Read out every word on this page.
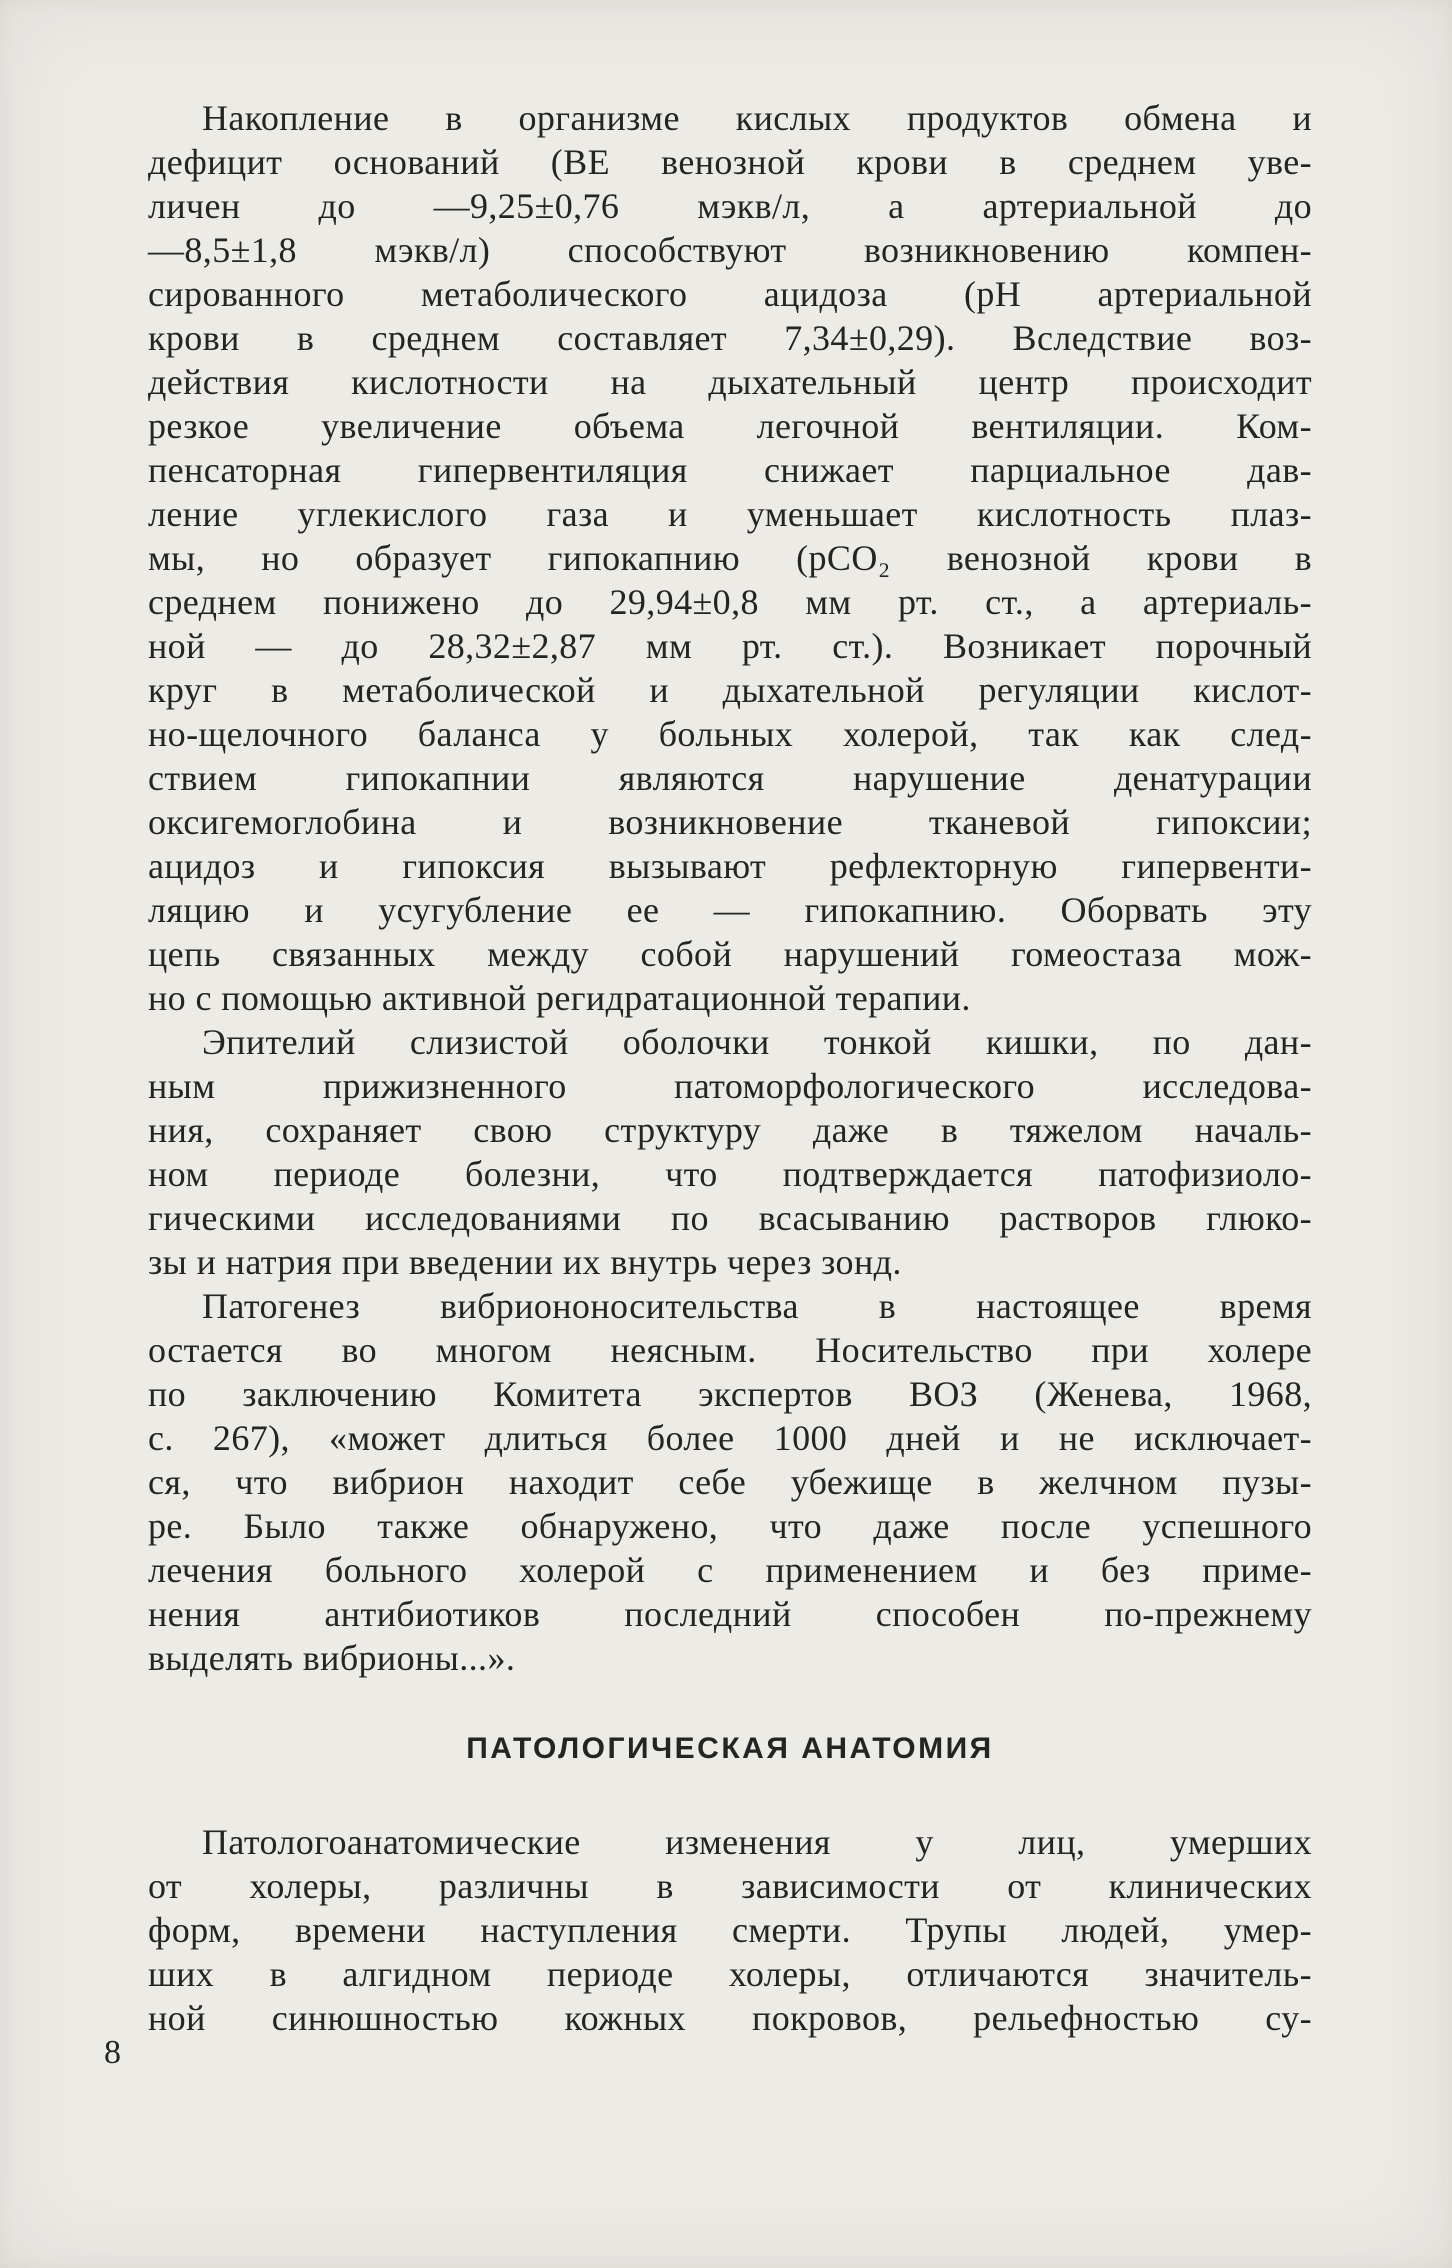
Накопление в организме кислых продуктов обмена и
дефицит оснований (BE венозной крови в среднем уве-
личен до —9,25±0,76 мэкв/л, а артериальной до
—8,5±1,8 мэкв/л) способствуют возникновению компен-
сированного метаболического ацидоза (pH артериальной
крови в среднем составляет 7,34±0,29). Вследствие воз-
действия кислотности на дыхательный центр происходит
резкое увеличение объема легочной вентиляции. Ком-
пенсаторная гипервентиляция снижает парциальное дав-
ление углекислого газа и уменьшает кислотность плаз-
мы, но образует гипокапнию (pCO₂ венозной крови в
среднем понижено до 29,94±0,8 мм рт. ст., а артериаль-
ной — до 28,32±2,87 мм рт. ст.). Возникает порочный
круг в метаболической и дыхательной регуляции кислот-
но-щелочного баланса у больных холерой, так как след-
ствием гипокапнии являются нарушение денатурации
оксигемоглобина и возникновение тканевой гипоксии;
ацидоз и гипоксия вызывают рефлекторную гипервенти-
ляцию и усугубление ее — гипокапнию. Оборвать эту
цепь связанных между собой нарушений гомеостаза мож-
но с помощью активной регидратационной терапии.
Эпителий слизистой оболочки тонкой кишки, по дан-
ным прижизненного патоморфологического исследова-
ния, сохраняет свою структуру даже в тяжелом началь-
ном периоде болезни, что подтверждается патофизиоло-
гическими исследованиями по всасыванию растворов глюко-
зы и натрия при введении их внутрь через зонд.
Патогенез вибриононосительства в настоящее время
остается во многом неясным. Носительство при холере
по заключению Комитета экспертов ВОЗ (Женева, 1968,
с. 267), «может длиться более 1000 дней и не исключает-
ся, что вибрион находит себе убежище в желчном пузы-
ре. Было также обнаружено, что даже после успешного
лечения больного холерой с применением и без приме-
нения антибиотиков последний способен по-прежнему
выделять вибрионы...».
ПАТОЛОГИЧЕСКАЯ АНАТОМИЯ
Патологоанатомические изменения у лиц, умерших
от холеры, различны в зависимости от клинических
форм, времени наступления смерти. Трупы людей, умер-
ших в алгидном периоде холеры, отличаются значитель-
ной синюшностью кожных покровов, рельефностью су-
8
